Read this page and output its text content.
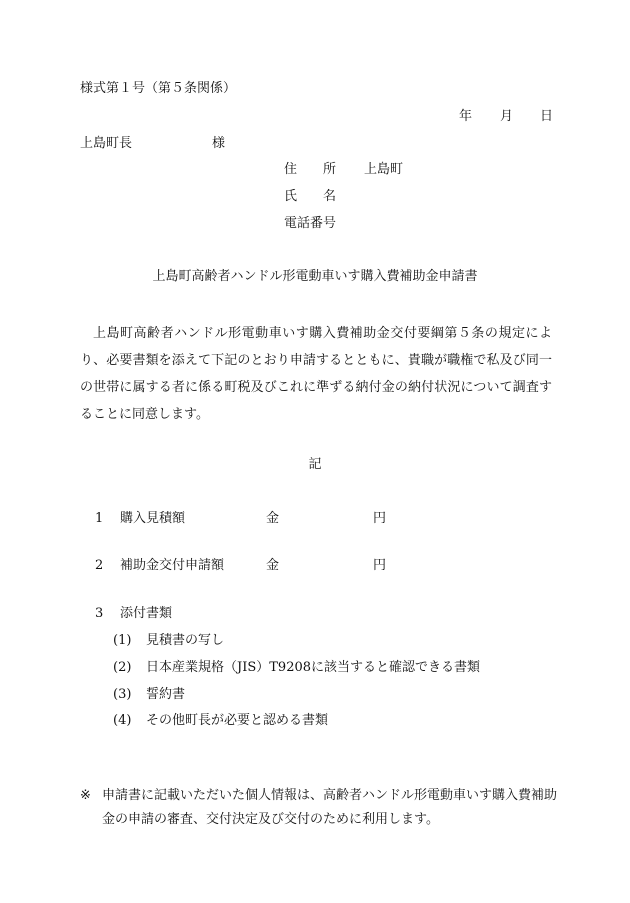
様式第１号（第５条関係）
年 月 日
上島町長	様
住　　所 上島町
氏　　名
電話番号
上島町高齢者ハンドル形電動車いす購入費補助金申請書
上島町高齢者ハンドル形電動車いす購入費補助金交付要綱第５条の規定により、必要書類を添えて下記のとおり申請するとともに、貴職が職権で私及び同一の世帯に属する者に係る町税及びこれに準ずる納付金の納付状況について調査することに同意します。
記
1 購入見積額	金	円
2 補助金交付申請額	金	円
3 添付書類
(1) 見積書の写し
(2) 日本産業規格（JIS）T9208に該当すると確認できる書類
(3) 誓約書
(4) その他町長が必要と認める書類
※ 申請書に記載いただいた個人情報は、高齢者ハンドル形電動車いす購入費補助金の申請の審査、交付決定及び交付のために利用します。
